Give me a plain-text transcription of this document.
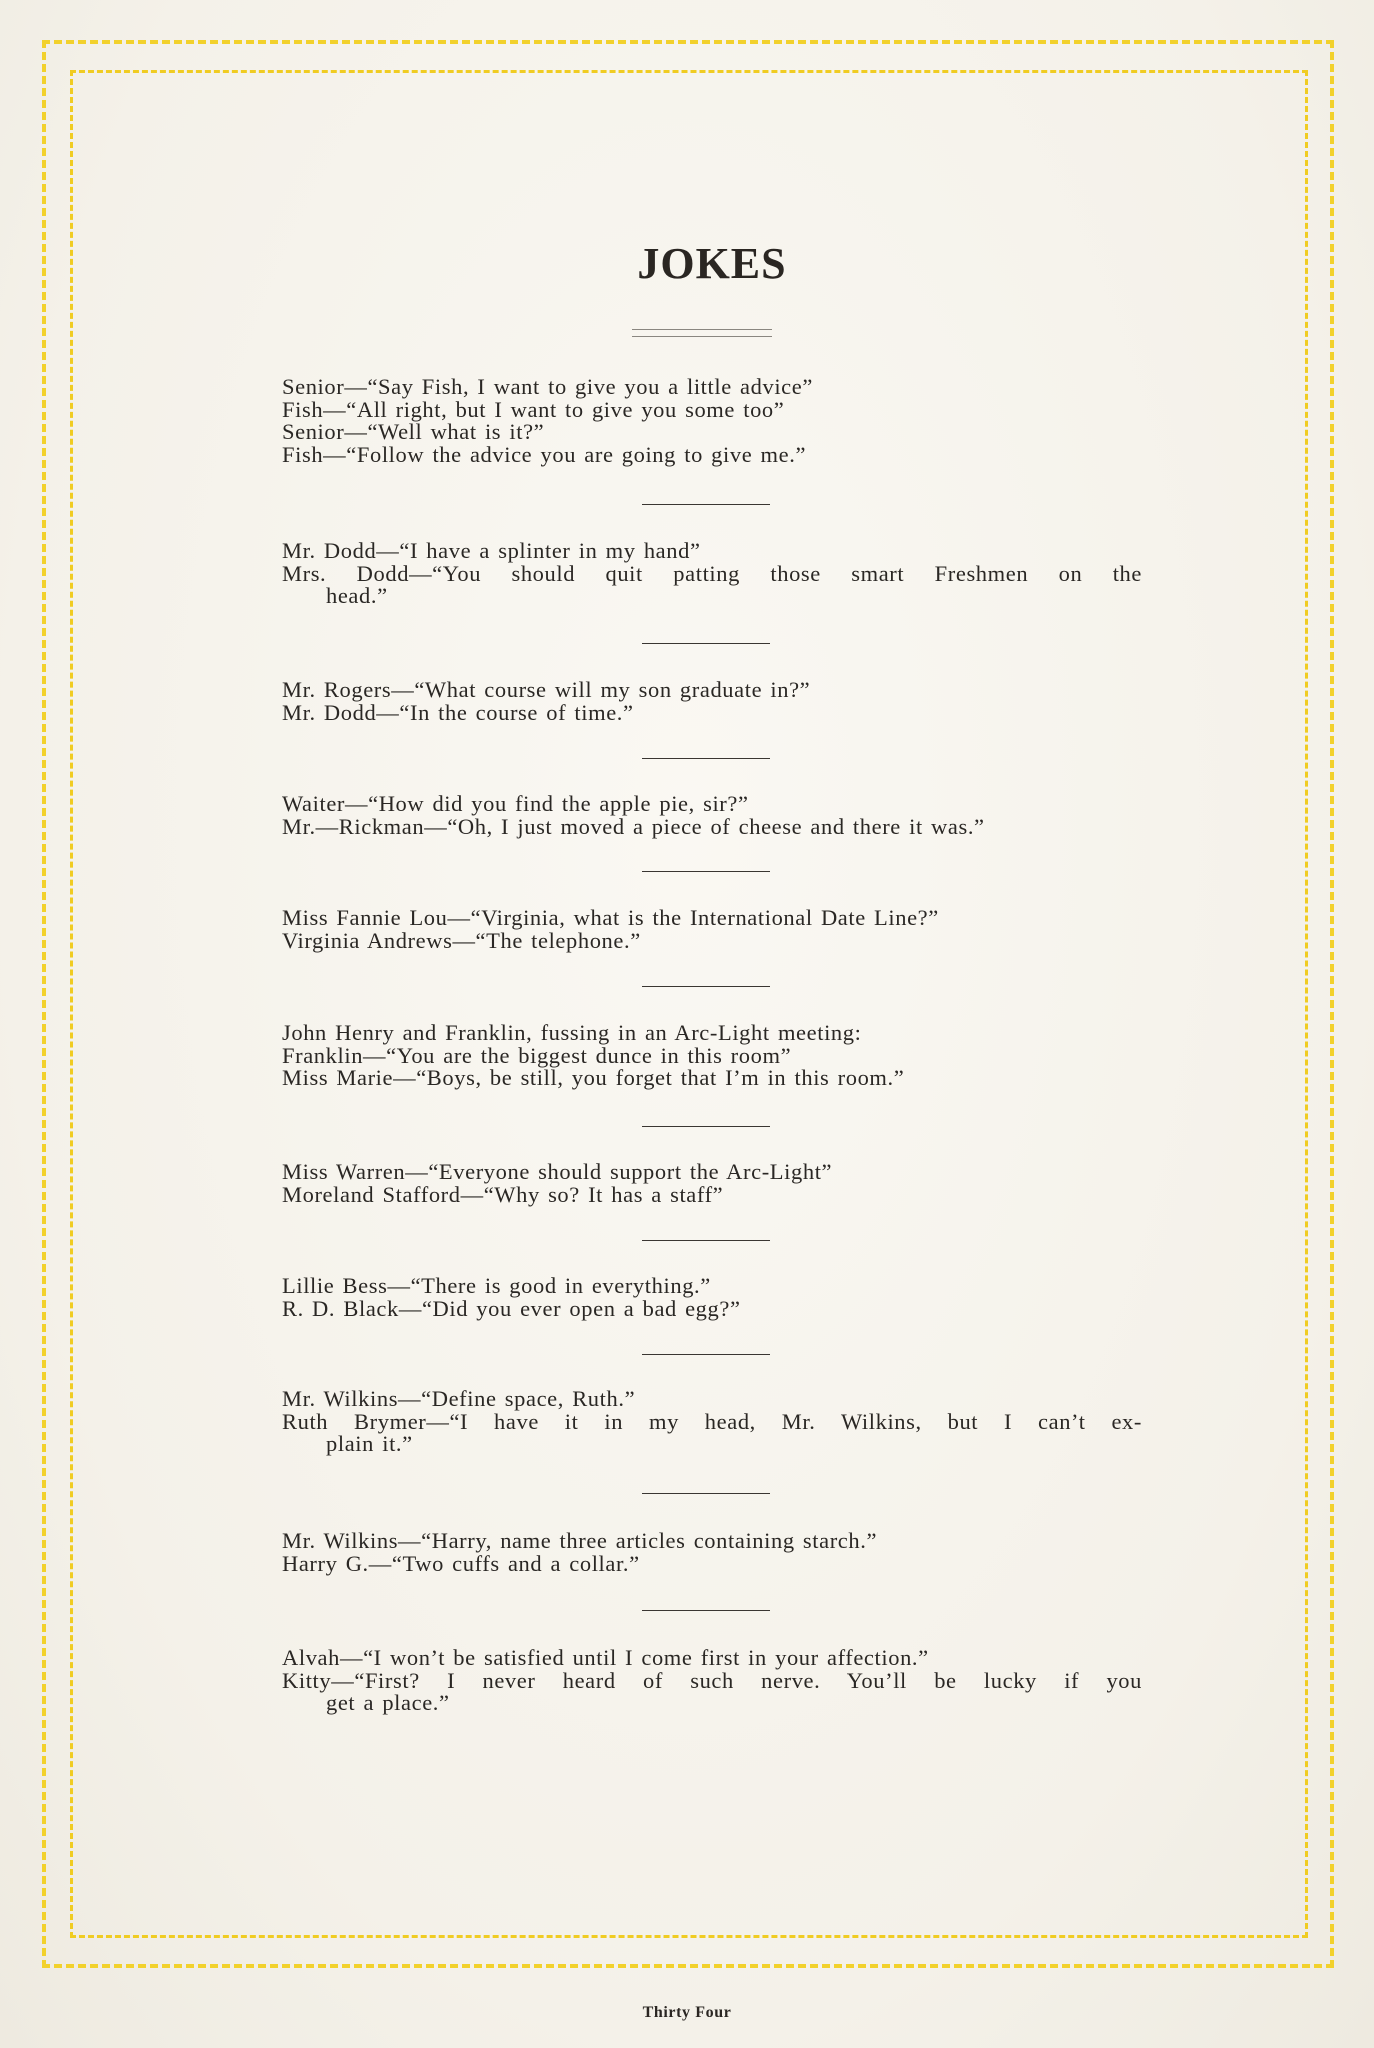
JOKES
Senior—“Say Fish, I want to give you a little advice”
Fish—“All right, but I want to give you some too”
Senior—“Well what is it?”
Fish—“Follow the advice you are going to give me.”
Mr. Dodd—“I have a splinter in my hand”
Mrs. Dodd—“You should quit patting those smart Freshmen on the
head.”
Mr. Rogers—“What course will my son graduate in?”
Mr. Dodd—“In the course of time.”
Waiter—“How did you find the apple pie, sir?”
Mr.—Rickman—“Oh, I just moved a piece of cheese and there it was.”
Miss Fannie Lou—“Virginia, what is the International Date Line?”
Virginia Andrews—“The telephone.”
John Henry and Franklin, fussing in an Arc-Light meeting:
Franklin—“You are the biggest dunce in this room”
Miss Marie—“Boys, be still, you forget that I’m in this room.”
Miss Warren—“Everyone should support the Arc-Light”
Moreland Stafford—“Why so? It has a staff”
Lillie Bess—“There is good in everything.”
R. D. Black—“Did you ever open a bad egg?”
Mr. Wilkins—“Define space, Ruth.”
Ruth Brymer—“I have it in my head, Mr. Wilkins, but I can’t ex-
plain it.”
Mr. Wilkins—“Harry, name three articles containing starch.”
Harry G.—“Two cuffs and a collar.”
Alvah—“I won’t be satisfied until I come first in your affection.”
Kitty—“First? I never heard of such nerve. You’ll be lucky if you
get a place.”
Thirty Four
